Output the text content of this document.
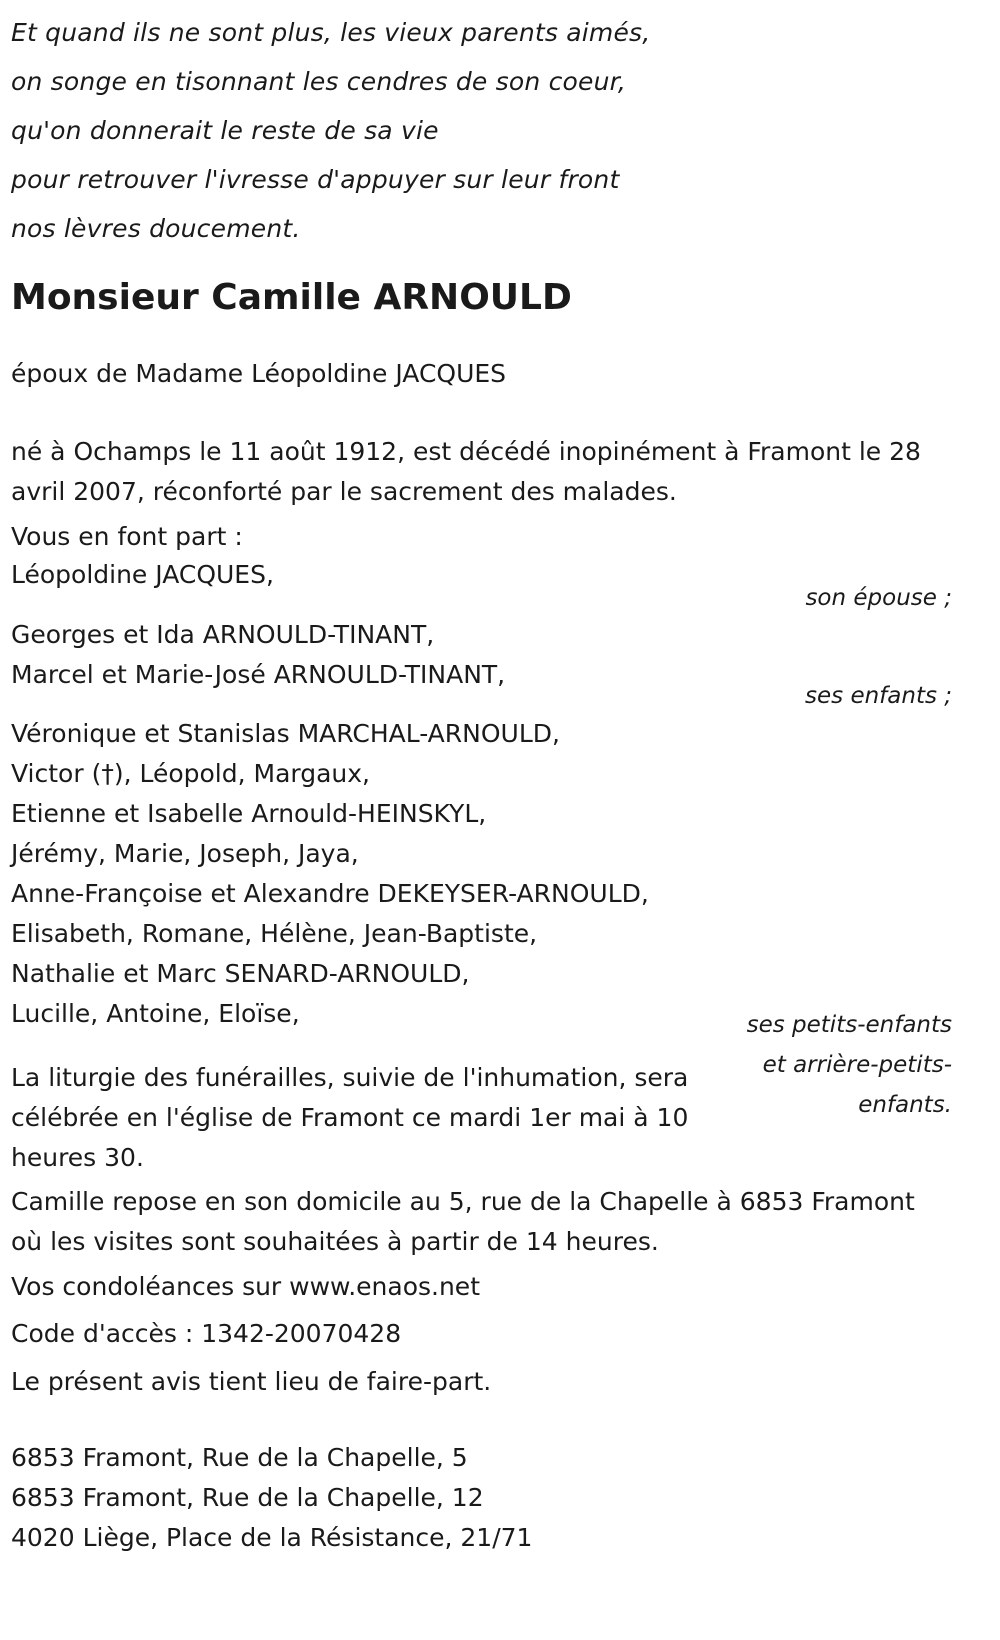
Et quand ils ne sont plus, les vieux parents aimés,
on songe en tisonnant les cendres de son coeur,
qu'on donnerait le reste de sa vie
pour retrouver l'ivresse d'appuyer sur leur front
nos lèvres doucement.
Monsieur Camille ARNOULD

époux de Madame Léopoldine JACQUES

né à Ochamps le 11 août 1912, est décédé inopinément à Framont le 28 avril 2007, réconforté par le sacrement des malades.

Vous en font part :

Léopoldine JACQUES,

son épouse ;

Georges et Ida ARNOULD-TINANT,
Marcel et Marie-José ARNOULD-TINANT,

ses enfants ;

Véronique et Stanislas MARCHAL-ARNOULD,
Victor (†), Léopold, Margaux,
Etienne et Isabelle Arnould-HEINSKYL,
Jérémy, Marie, Joseph, Jaya,
Anne-Françoise et Alexandre DEKEYSER-ARNOULD,
Elisabeth, Romane, Hélène, Jean-Baptiste,
Nathalie et Marc SENARD-ARNOULD,
Lucille, Antoine, Eloïse,	ses petits-enfants et arrière-petits-enfants.

La liturgie des funérailles, suivie de l'inhumation, sera célébrée en l'église de Framont ce mardi 1er mai à 10 heures 30.

Camille repose en son domicile au 5, rue de la Chapelle à 6853 Framont où les visites sont souhaitées à partir de 14 heures.

Vos condoléances sur www.enaos.net

Code d'accès : 1342-20070428

Le présent avis tient lieu de faire-part.

6853 Framont, Rue de la Chapelle, 5
6853 Framont, Rue de la Chapelle, 12
4020 Liège, Place de la Résistance, 21/71
